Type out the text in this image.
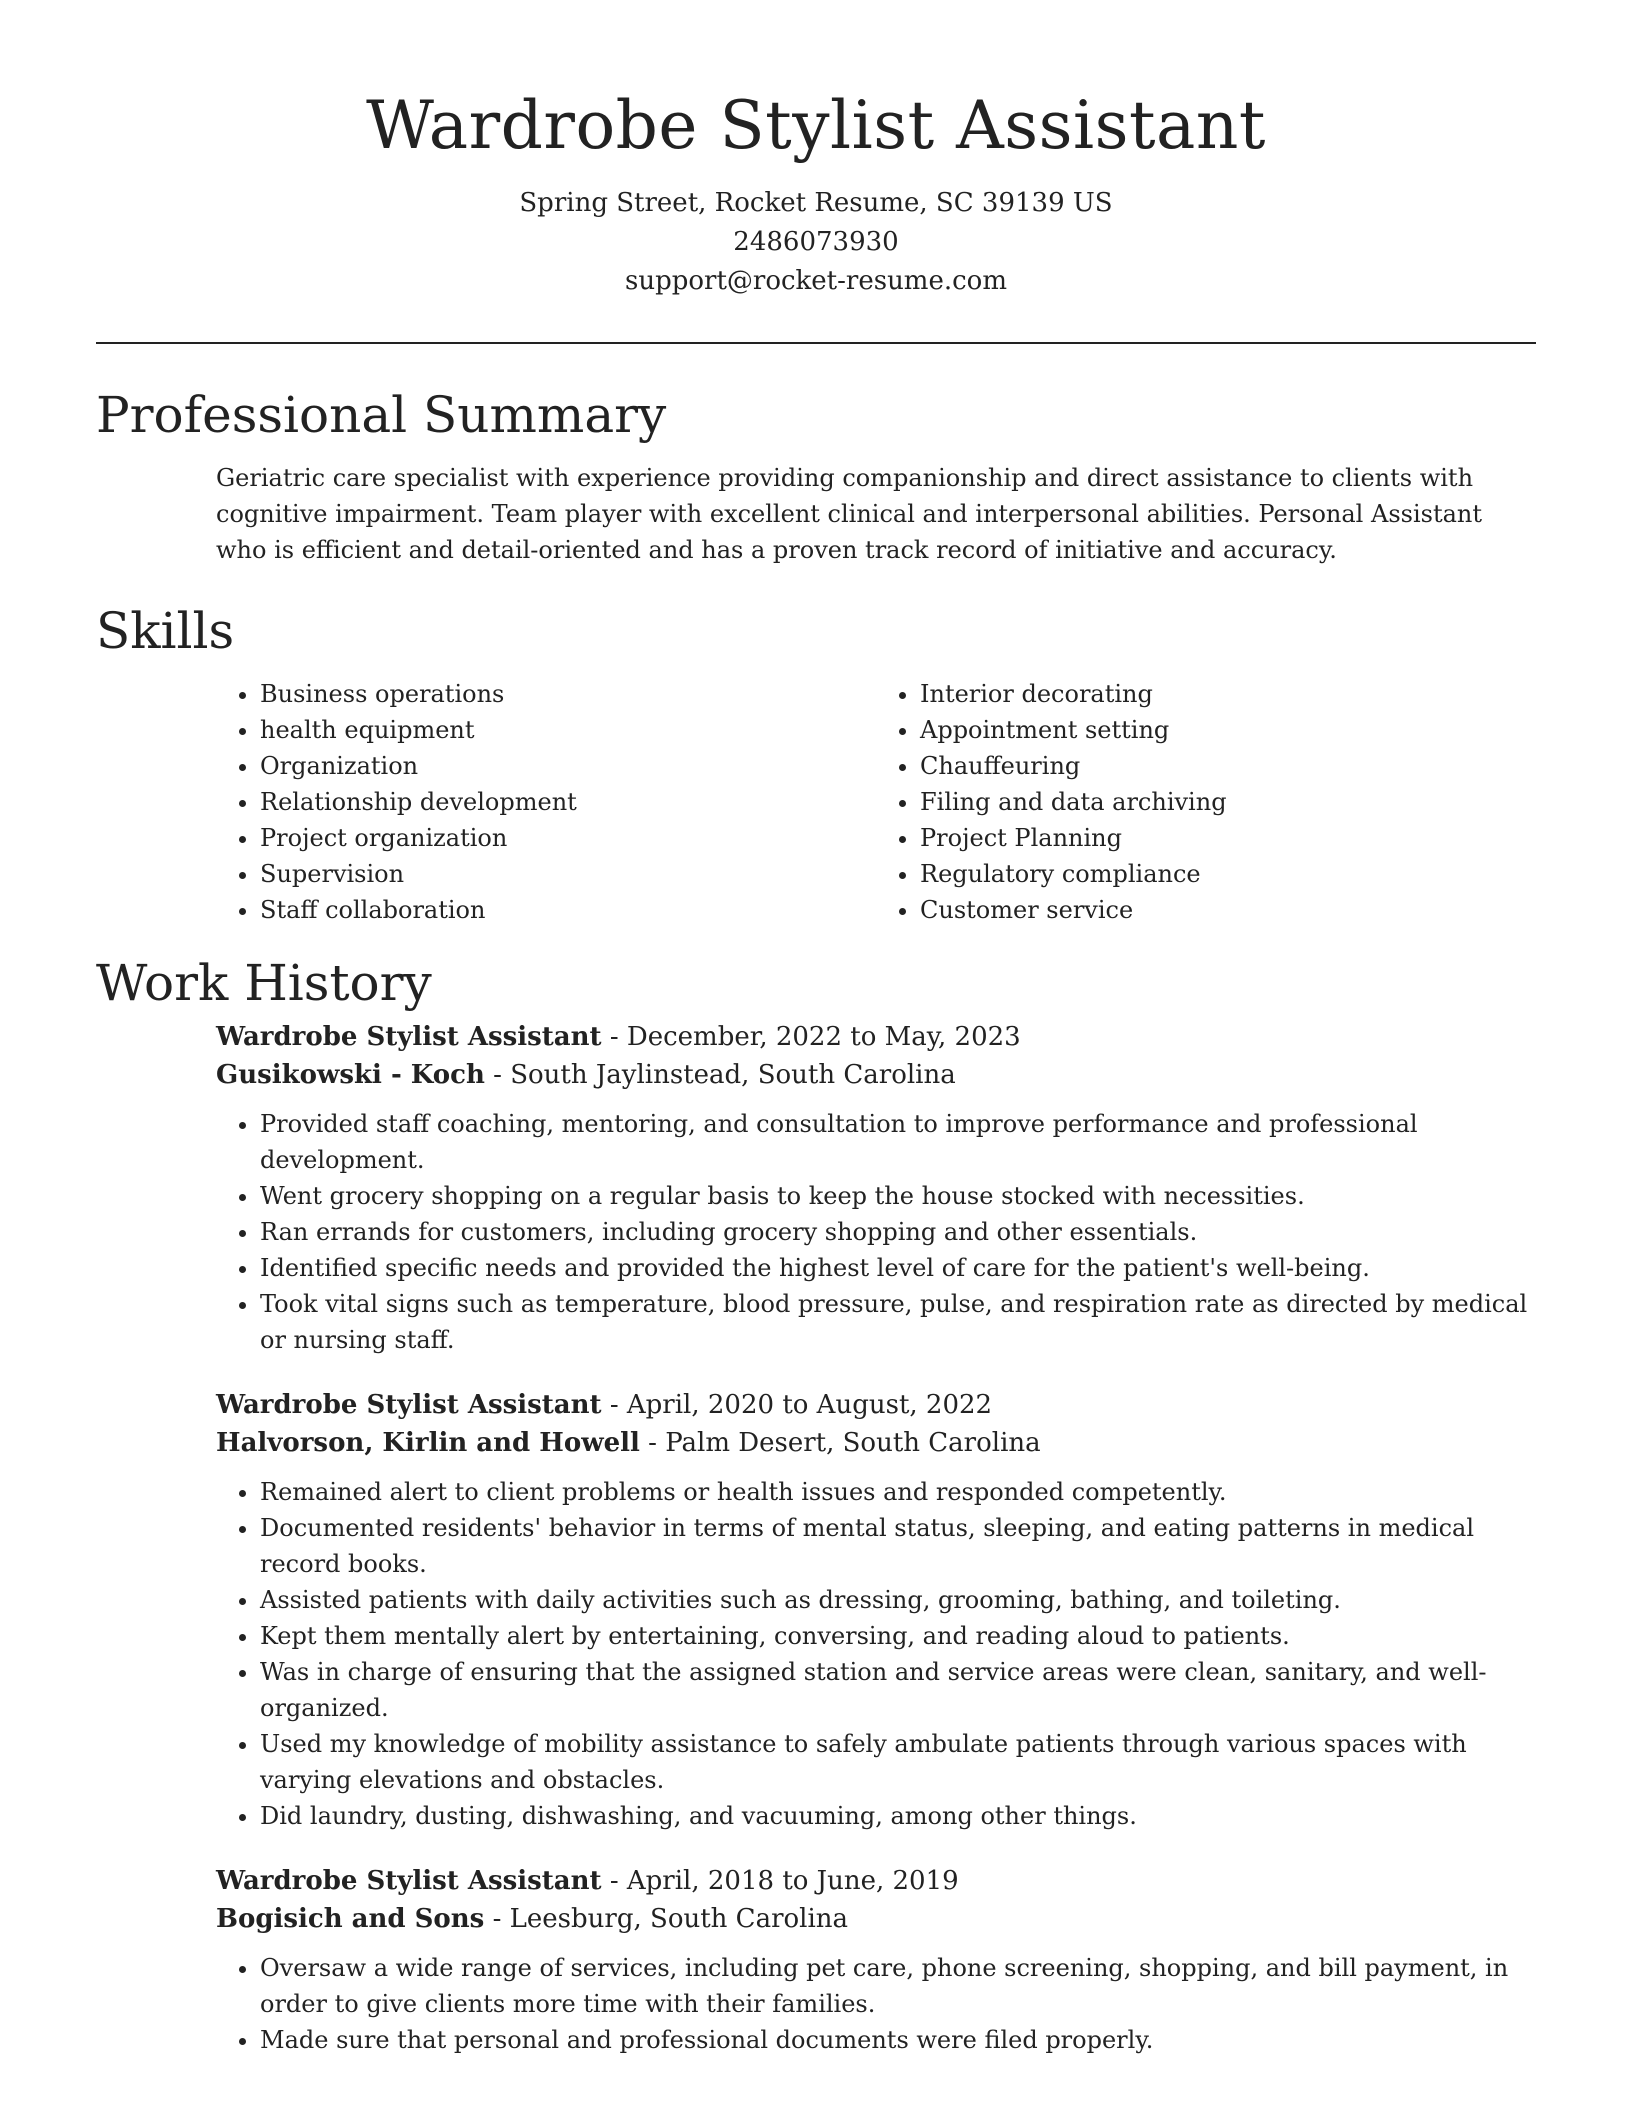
Wardrobe Stylist Assistant
Spring Street, Rocket Resume, SC 39139 US
2486073930
support@rocket-resume.com
Professional Summary
Geriatric care specialist with experience providing companionship and direct assistance to clients with cognitive impairment. Team player with excellent clinical and interpersonal abilities. Personal Assistant who is efficient and detail-oriented and has a proven track record of initiative and accuracy.
Skills
• Business operations
• health equipment
• Organization
• Relationship development
• Project organization
• Supervision
• Staff collaboration
• Interior decorating
• Appointment setting
• Chauffeuring
• Filing and data archiving
• Project Planning
• Regulatory compliance
• Customer service
Work History
Wardrobe Stylist Assistant - December, 2022 to May, 2023
Gusikowski - Koch - South Jaylinstead, South Carolina
• Provided staff coaching, mentoring, and consultation to improve performance and professional development.
• Went grocery shopping on a regular basis to keep the house stocked with necessities.
• Ran errands for customers, including grocery shopping and other essentials.
• Identified specific needs and provided the highest level of care for the patient's well-being.
• Took vital signs such as temperature, blood pressure, pulse, and respiration rate as directed by medical or nursing staff.
Wardrobe Stylist Assistant - April, 2020 to August, 2022
Halvorson, Kirlin and Howell - Palm Desert, South Carolina
• Remained alert to client problems or health issues and responded competently.
• Documented residents' behavior in terms of mental status, sleeping, and eating patterns in medical record books.
• Assisted patients with daily activities such as dressing, grooming, bathing, and toileting.
• Kept them mentally alert by entertaining, conversing, and reading aloud to patients.
• Was in charge of ensuring that the assigned station and service areas were clean, sanitary, and well-organized.
• Used my knowledge of mobility assistance to safely ambulate patients through various spaces with varying elevations and obstacles.
• Did laundry, dusting, dishwashing, and vacuuming, among other things.
Wardrobe Stylist Assistant - April, 2018 to June, 2019
Bogisich and Sons - Leesburg, South Carolina
• Oversaw a wide range of services, including pet care, phone screening, shopping, and bill payment, in order to give clients more time with their families.
• Made sure that personal and professional documents were filed properly.
